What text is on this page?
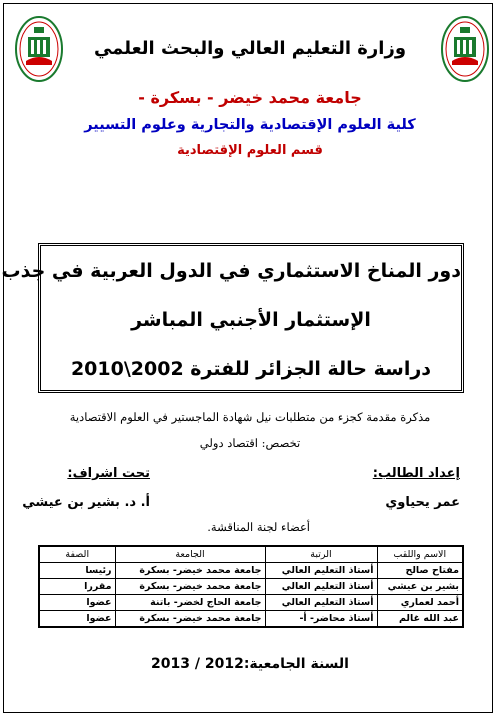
وزارة التعليم العالي والبحث العلمي
جامعة محمد خيضر - بسكرة -
كلية العلوم الإقتصادية والتجارية وعلوم التسيير
قسم العلوم الإقتصادية
دور المناخ الاستثماري في الدول العربية في جذب
الإستثمار الأجنبي المباشر
دراسة حالة الجزائر للفترة 2002\2010
مذكرة مقدمة كجزء من متطلبات نيل شهادة الماجستير في العلوم الاقتصادية
تخصص: اقتصاد دولي
إعداد الطالب:
تحت اشراف:
عمر يحياوي
أ. د. بشير بن عيشي
أعضاء لجنة المناقشة.
الاسم واللقب	الرتبة	الجامعة	الصفة
مفتاح صالح	أستاذ التعليم العالي	جامعة محمد خيضر- بسكرة	رئيسا
بشير بن عيشي	أستاذ التعليم العالي	جامعة محمد خيضر- بسكرة	مقررا
أحمد لعماري	أستاذ التعليم العالي	جامعة الحاج لخضر- باتنة	عضوا
عبد الله غالم	أستاذ محاضر- أ-	جامعة محمد خيضر- بسكرة	عضوا
السنة الجامعية:2012 / 2013
